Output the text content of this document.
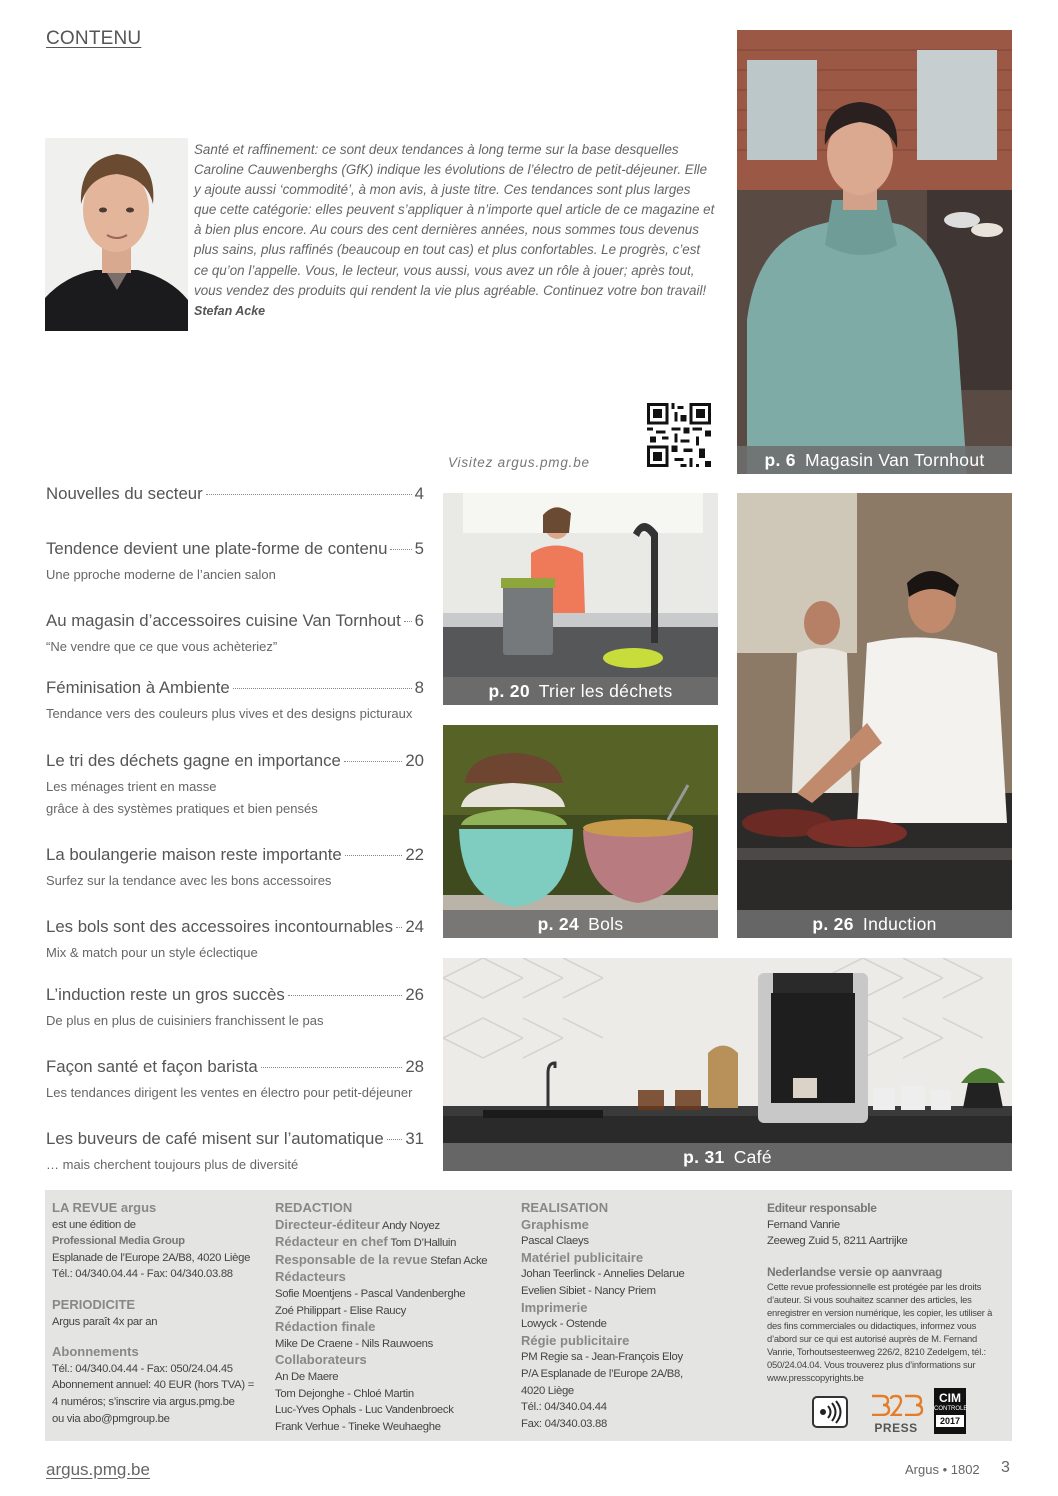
CONTENU
Santé et raffinement: ce sont deux tendances à long terme sur la base desquelles Caroline Cauwenberghs (GfK) indique les évolutions de l’électro de petit-déjeuner. Elle y ajoute aussi ‘commodité’, à mon avis, à juste titre. Ces tendances sont plus larges que cette catégorie: elles peuvent s’appliquer à n’importe quel article de ce magazine et à bien plus encore. Au cours des cent dernières années, nous sommes tous devenus plus sains, plus raffinés (beaucoup en tout cas) et plus confortables. Le progrès, c’est ce qu’on l’appelle. Vous, le lecteur, vous aussi, vous avez un rôle à jouer; après tout, vous vendez des produits qui rendent la vie plus agréable. Continuez votre bon travail!
Stefan Acke
Visitez argus.pmg.be	p. 6 Magasin Van Tornhout
p. 20 Trier les déchets
p. 26 Induction
p. 24 Bols
p. 31 Café
Nouvelles du secteur	4
Tendence devient une plate-forme de contenu 5
Une pproche moderne de l’ancien salon
Au magasin d’accessoires cuisine Van Tornhout 6
“Ne vendre que ce que vous achèteriez”
Féminisation à Ambiente	8
Tendance vers des couleurs plus vives et des designs picturaux
Le tri des déchets gagne en importance	20
Les ménages trient en masse
grâce à des systèmes pratiques et bien pensés
La boulangerie maison reste importante	22
Surfez sur la tendance avec les bons accessoires
Les bols sont des accessoires incontournables 24
Mix & match pour un style éclectique
L’induction reste un gros succès	26
De plus en plus de cuisiniers franchissent le pas
Façon santé et façon barista	28
Les tendances dirigent les ventes en électro pour petit-déjeuner
Les buveurs de café misent sur l’automatique 31
… mais cherchent toujours plus de diversité
LA REVUE argus
est une édition de
Professional Media Group
Esplanade de l’Europe 2A/B8, 4020 Liège
Tél.: 04/340.04.44 - Fax: 04/340.03.88
PERIODICITE
Argus paraît 4x par an
Abonnements
Tél.: 04/340.04.44 - Fax: 050/24.04.45
Abonnement annuel: 40 EUR (hors TVA) =
4 numéros; s’inscrire via argus.pmg.be
ou via abo@pmgroup.be
REDACTION
Directeur-éditeur Andy Noyez
Rédacteur en chef Tom D’Halluin
Responsable de la revue Stefan Acke
Rédacteurs
Sofie Moentjens - Pascal Vandenberghe
Zoé Philippart - Elise Raucy
Rédaction finale
Mike De Craene - Nils Rauwoens
Collaborateurs
An De Maere
Tom Dejonghe - Chloé Martin
Luc-Yves Ophals - Luc Vandenbroeck
Frank Verhue - Tineke Weuhaeghe
REALISATION
Graphisme
Pascal Claeys
Matériel publicitaire
Johan Teerlinck - Annelies Delarue
Evelien Sibiet - Nancy Priem
Imprimerie
Lowyck - Ostende
Régie publicitaire
PM Regie sa - Jean-François Eloy
P/A Esplanade de l’Europe 2A/B8,
4020 Liège
Tél.: 04/340.04.44
Fax: 04/340.03.88
Editeur responsable
Fernand Vanrie
Zeeweg Zuid 5, 8211 Aartrijke
Nederlandse versie op aanvraag
Cette revue professionnelle est protégée par les droits d’auteur. Si vous souhaitez scanner des articles, les enregistrer en version numérique, les copier, les utiliser à des fins commerciales ou didactiques, informez vous d’abord sur ce qui est autorisé auprès de M. Fernand Vanrie, Torhoutsesteenweg 226/2, 8210 Zedelgem, tél.: 050/24.04.04. Vous trouverez plus d’informations sur www.presscopyrights.be
PRESS
CIM
CONTROLE
2017
argus.pmg.be	Argus • 1802 3
